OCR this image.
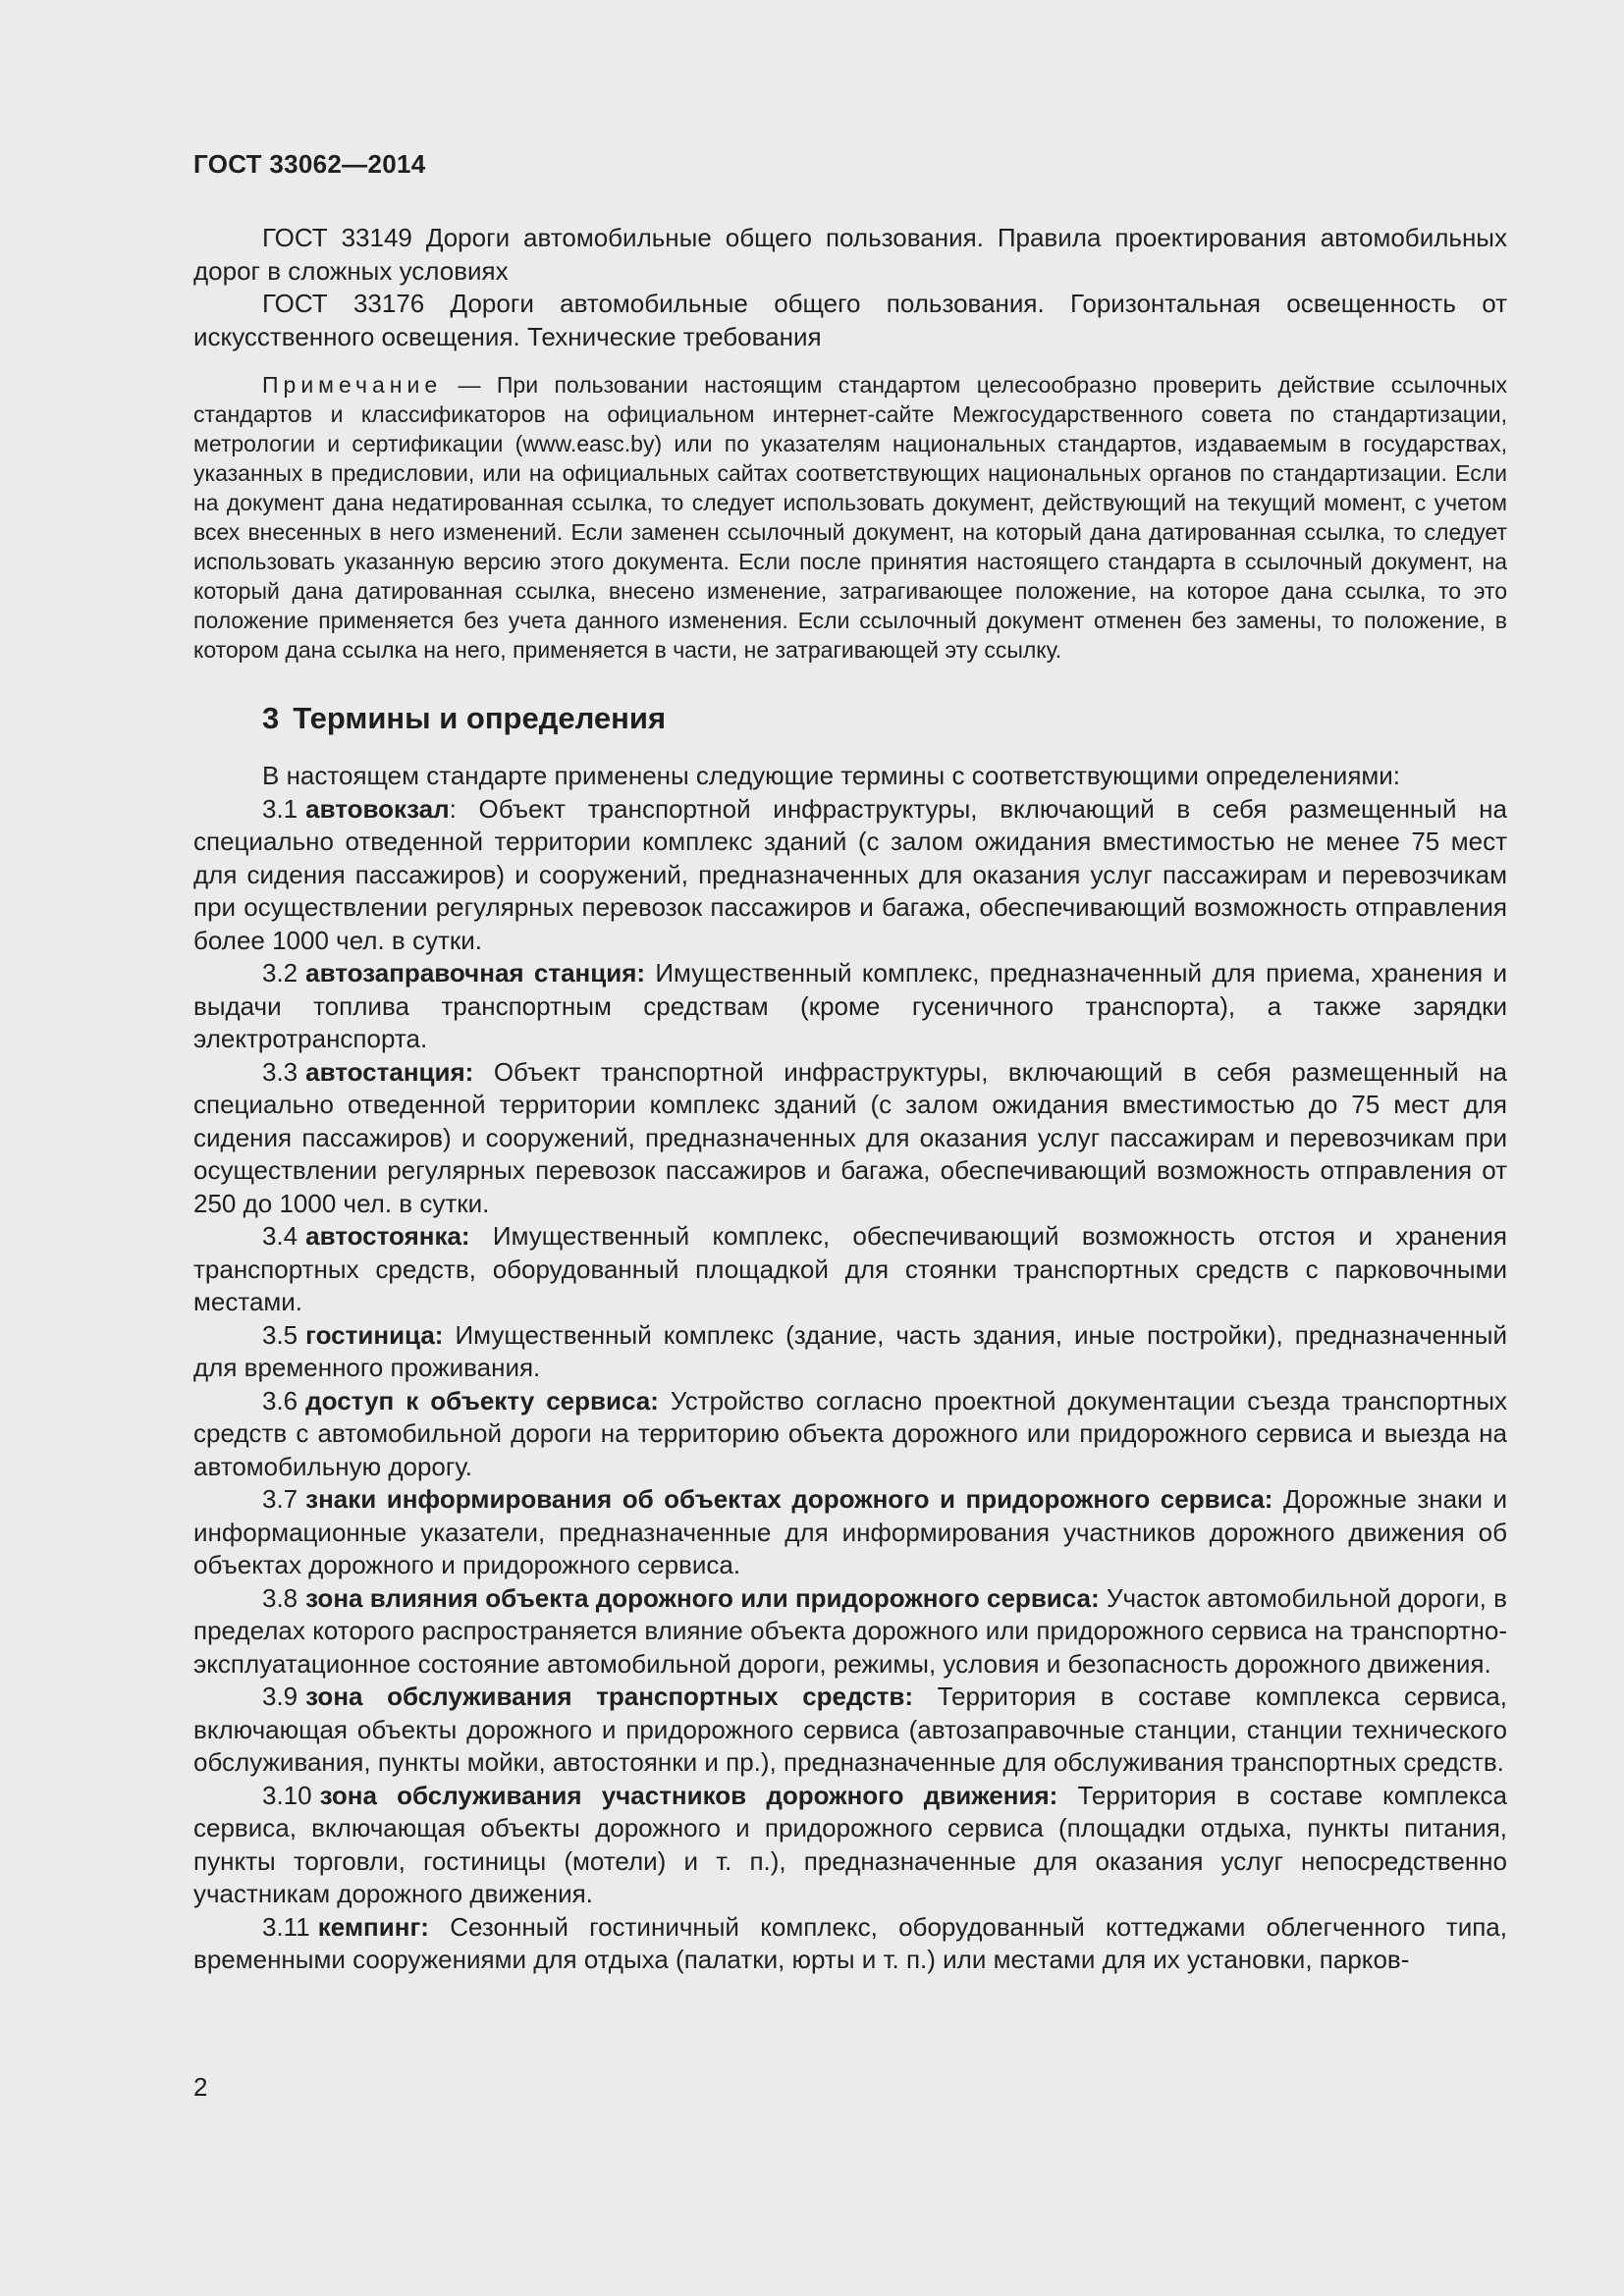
ГОСТ 33062—2014

ГОСТ 33149 Дороги автомобильные общего пользования. Правила проектирования автомобильных дорог в сложных условиях

ГОСТ 33176 Дороги автомобильные общего пользования. Горизонтальная освещенность от искусственного освещения. Технические требования

Примечание — При пользовании настоящим стандартом целесообразно проверить действие ссылочных стандартов и классификаторов на официальном интернет-сайте Межгосударственного совета по стандартизации, метрологии и сертификации (www.easc.by) или по указателям национальных стандартов, издаваемым в государствах, указанных в предисловии, или на официальных сайтах соответствующих национальных органов по стандартизации. Если на документ дана недатированная ссылка, то следует использовать документ, действующий на текущий момент, с учетом всех внесенных в него изменений. Если заменен ссылочный документ, на который дана датированная ссылка, то следует использовать указанную версию этого документа. Если после принятия настоящего стандарта в ссылочный документ, на который дана датированная ссылка, внесено изменение, затрагивающее положение, на которое дана ссылка, то это положение применяется без учета данного изменения. Если ссылочный документ отменен без замены, то положение, в котором дана ссылка на него, применяется в части, не затрагивающей эту ссылку.

3 Термины и определения

В настоящем стандарте применены следующие термины с соответствующими определениями:

3.1 автовокзал: Объект транспортной инфраструктуры, включающий в себя размещенный на специально отведенной территории комплекс зданий (с залом ожидания вместимостью не менее 75 мест для сидения пассажиров) и сооружений, предназначенных для оказания услуг пассажирам и перевозчикам при осуществлении регулярных перевозок пассажиров и багажа, обеспечивающий возможность отправления более 1000 чел. в сутки.

3.2 автозаправочная станция: Имущественный комплекс, предназначенный для приема, хранения и выдачи топлива транспортным средствам (кроме гусеничного транспорта), а также зарядки электротранспорта.

3.3 автостанция: Объект транспортной инфраструктуры, включающий в себя размещенный на специально отведенной территории комплекс зданий (с залом ожидания вместимостью до 75 мест для сидения пассажиров) и сооружений, предназначенных для оказания услуг пассажирам и перевозчикам при осуществлении регулярных перевозок пассажиров и багажа, обеспечивающий возможность отправления от 250 до 1000 чел. в сутки.

3.4 автостоянка: Имущественный комплекс, обеспечивающий возможность отстоя и хранения транспортных средств, оборудованный площадкой для стоянки транспортных средств с парковочными местами.

3.5 гостиница: Имущественный комплекс (здание, часть здания, иные постройки), предназначенный для временного проживания.

3.6 доступ к объекту сервиса: Устройство согласно проектной документации съезда транспортных средств с автомобильной дороги на территорию объекта дорожного или придорожного сервиса и выезда на автомобильную дорогу.

3.7 знаки информирования об объектах дорожного и придорожного сервиса: Дорожные знаки и информационные указатели, предназначенные для информирования участников дорожного движения об объектах дорожного и придорожного сервиса.

3.8 зона влияния объекта дорожного или придорожного сервиса: Участок автомобильной дороги, в пределах которого распространяется влияние объекта дорожного или придорожного сервиса на транспортно-эксплуатационное состояние автомобильной дороги, режимы, условия и безопасность дорожного движения.

3.9 зона обслуживания транспортных средств: Территория в составе комплекса сервиса, включающая объекты дорожного и придорожного сервиса (автозаправочные станции, станции технического обслуживания, пункты мойки, автостоянки и пр.), предназначенные для обслуживания транспортных средств.

3.10 зона обслуживания участников дорожного движения: Территория в составе комплекса сервиса, включающая объекты дорожного и придорожного сервиса (площадки отдыха, пункты питания, пункты торговли, гостиницы (мотели) и т. п.), предназначенные для оказания услуг непосредственно участникам дорожного движения.

3.11 кемпинг: Сезонный гостиничный комплекс, оборудованный коттеджами облегченного типа, временными сооружениями для отдыха (палатки, юрты и т. п.) или местами для их установки, парков-

2
